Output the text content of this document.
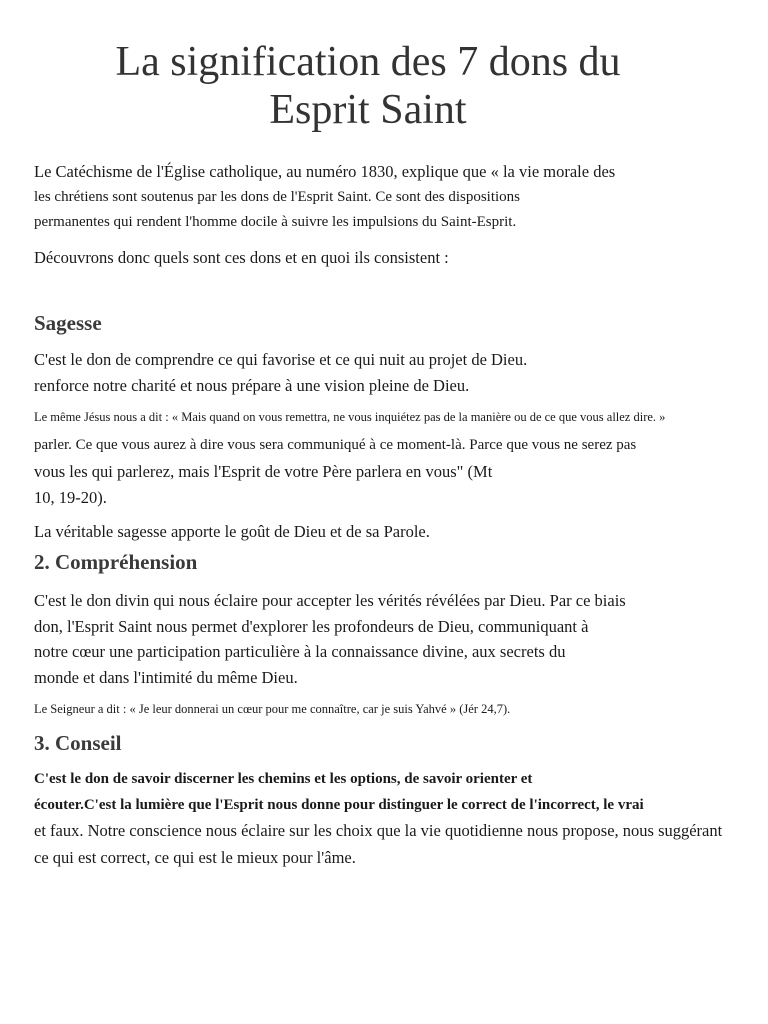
La signification des 7 dons du
Esprit Saint
Le Catéchisme de l'Église catholique, au numéro 1830, explique que « la vie morale des
les chrétiens sont soutenus par les dons de l'Esprit Saint. Ce sont des dispositions
permanentes qui rendent l'homme docile à suivre les impulsions du Saint-Esprit.
Découvrons donc quels sont ces dons et en quoi ils consistent :
Sagesse
C'est le don de comprendre ce qui favorise et ce qui nuit au projet de Dieu.
renforce notre charité et nous prépare à une vision pleine de Dieu.
Le même Jésus nous a dit : « Mais quand on vous remettra, ne vous inquiétez pas de la manière ou de ce que vous allez dire. »
parler. Ce que vous aurez à dire vous sera communiqué à ce moment-là. Parce que vous ne serez pas
vous les qui parlerez, mais l'Esprit de votre Père parlera en vous" (Mt
10, 19-20).
La véritable sagesse apporte le goût de Dieu et de sa Parole.
2. Compréhension
C'est le don divin qui nous éclaire pour accepter les vérités révélées par Dieu. Par ce biais
don, l'Esprit Saint nous permet d'explorer les profondeurs de Dieu, communiquant à
notre cœur une participation particulière à la connaissance divine, aux secrets du
monde et dans l'intimité du même Dieu.
Le Seigneur a dit : « Je leur donnerai un cœur pour me connaître, car je suis Yahvé » (Jér 24,7).
3. Conseil
C'est le don de savoir discerner les chemins et les options, de savoir orienter et
écouter.C'est la lumière que l'Esprit nous donne pour distinguer le correct de l'incorrect, le vrai
et faux. Notre conscience nous éclaire sur les choix que la vie quotidienne nous propose, nous suggérant
ce qui est correct, ce qui est le mieux pour l'âme.
